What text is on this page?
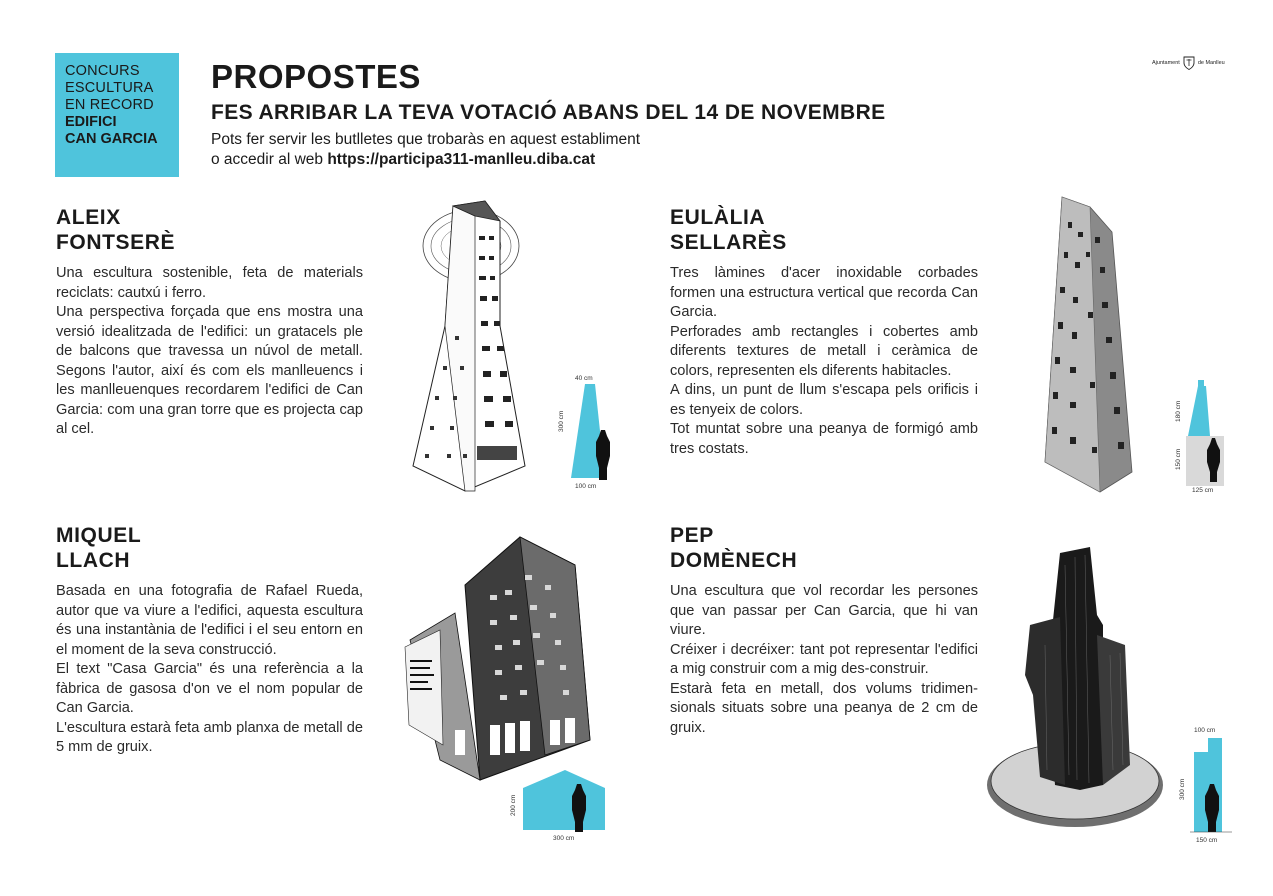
CONCURS
ESCULTURA
EN RECORD
EDIFICI
CAN GARCIA
PROPOSTES
FES ARRIBAR LA TEVA VOTACIÓ ABANS DEL 14 DE NOVEMBRE
Pots fer servir les butlletes que trobaràs en aquest establiment
o accedir al web https://participa311-manlleu.diba.cat
Ajuntament	de Manlleu
ALEIX
FONTSERÈ

Una escultura sostenible, feta de materials reciclats: cautxú i ferro.

Una perspectiva forçada que ens mostra una versió idealitzada de l'edifici: un gratacels ple de balcons que travessa un núvol de metall. Segons l'autor, així és com els manlleuencs i les manlleuenques recordarem l'edifici de Can Garcia: com una gran torre que es projecta cap al cel.

40 cm
300 cm
100 cm
EULÀLIA
SELLARÈS

Tres làmines d'acer inoxidable corbades formen una estructura vertical que recorda Can Garcia.

Perforades amb rectangles i cobertes amb diferents textures de metall i ceràmica de colors, representen els diferents habitacles.

A dins, un punt de llum s'escapa pels orificis i es tenyeix de colors.

Tot muntat sobre una peanya de formigó amb tres costats.

180 cm
150 cm
125 cm
MIQUEL
LLACH

Basada en una fotografia de Rafael Rueda, autor que va viure a l'edifici, aquesta escultura és una instantània de l'edifici i el seu entorn en el moment de la seva construcció.

El text "Casa Garcia" és una referència a la fàbrica de gasosa d'on ve el nom popular de Can Garcia.

L'escultura estarà feta amb planxa de metall de 5 mm de gruix.

200 cm
300 cm
PEP
DOMÈNECH

Una escultura que vol recordar les persones que van passar per Can Garcia, que hi van viure.

Créixer i decréixer: tant pot representar l'edifici a mig construir com a mig des-construir.

Estarà feta en metall, dos volums tridimen-sionals situats sobre una peanya de 2 cm de gruix.	100 cm
300 cm
150 cm
